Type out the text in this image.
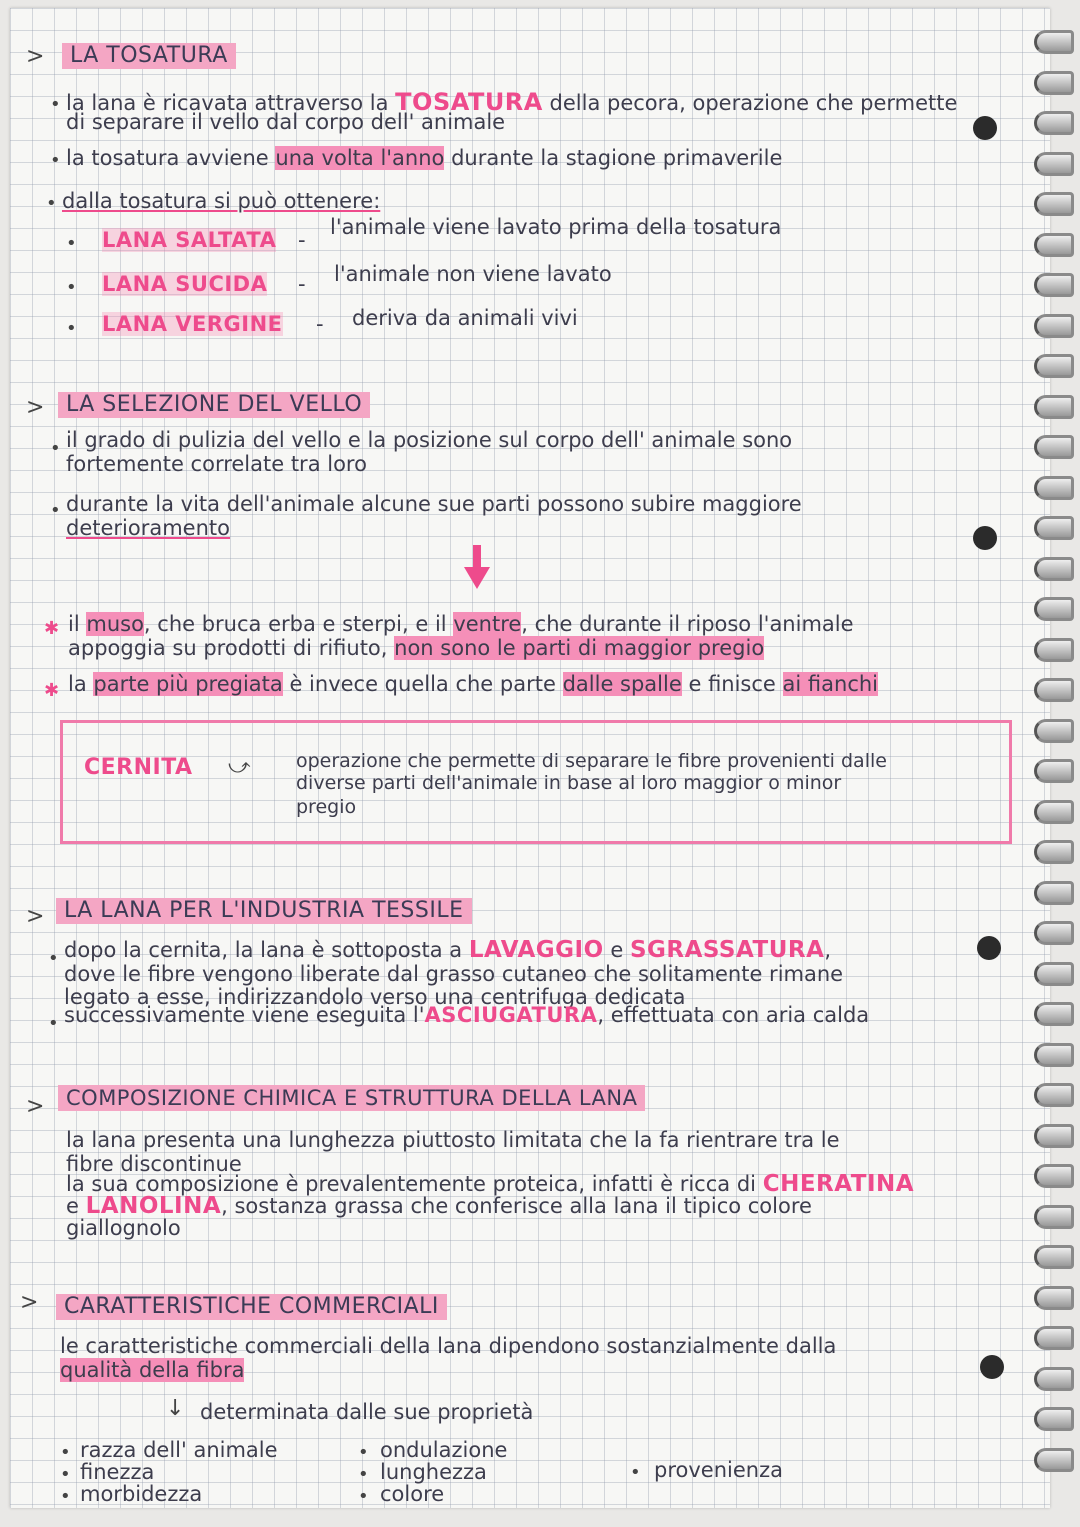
>	LA TOSATURA
• la lana è ricavata attraverso la TOSATURA della pecora, operazione che permette
di separare il vello dal corpo dell' animale
• la tosatura avviene una volta l'anno durante la stagione primaverile
• dalla tosatura si può ottenere:
• LANA SALTATA -
l'animale viene lavato prima della tosatura
• LANA SUCIDA - l'animale non viene lavato
• LANA VERGINE - deriva da animali vivi
> LA SELEZIONE DEL VELLO
• il grado di pulizia del vello e la posizione sul corpo dell' animale sono
fortemente correlate tra loro
• durante la vita dell'animale alcune sue parti possono subire maggiore
deterioramento
✱ il muso, che bruca erba e sterpi, e il ventre, che durante il riposo l'animale
appoggia su prodotti di rifiuto, non sono le parti di maggior pregio
✱ la parte più pregiata è invece quella che parte dalle spalle e finisce ai fianchi
CERNITA ⤻ operazione che permette di separare le fibre provenienti dalle
diverse parti dell'animale in base al loro maggior o minor
pregio
> LA LANA PER L'INDUSTRIA TESSILE
• dopo la cernita, la lana è sottoposta a LAVAGGIO e SGRASSATURA,
dove le fibre vengono liberate dal grasso cutaneo che solitamente rimane
legato a esse, indirizzandolo verso una centrifuga dedicata
• successivamente viene eseguita l'ASCIUGATURA, effettuata con aria calda
>	COMPOSIZIONE CHIMICA E STRUTTURA DELLA LANA
la lana presenta una lunghezza piuttosto limitata che la fa rientrare tra le
fibre discontinue
la sua composizione è prevalentemente proteica, infatti è ricca di CHERATINA
e LANOLINA, sostanza grassa che conferisce alla lana il tipico colore
giallognolo
>	CARATTERISTICHE COMMERCIALI
le caratteristiche commerciali della lana dipendono sostanzialmente dalla
qualità della fibra
↓ determinata dalle sue proprietà
• razza dell' animale
• finezza
• morbidezza
• ondulazione
• lunghezza
• colore
• provenienza
